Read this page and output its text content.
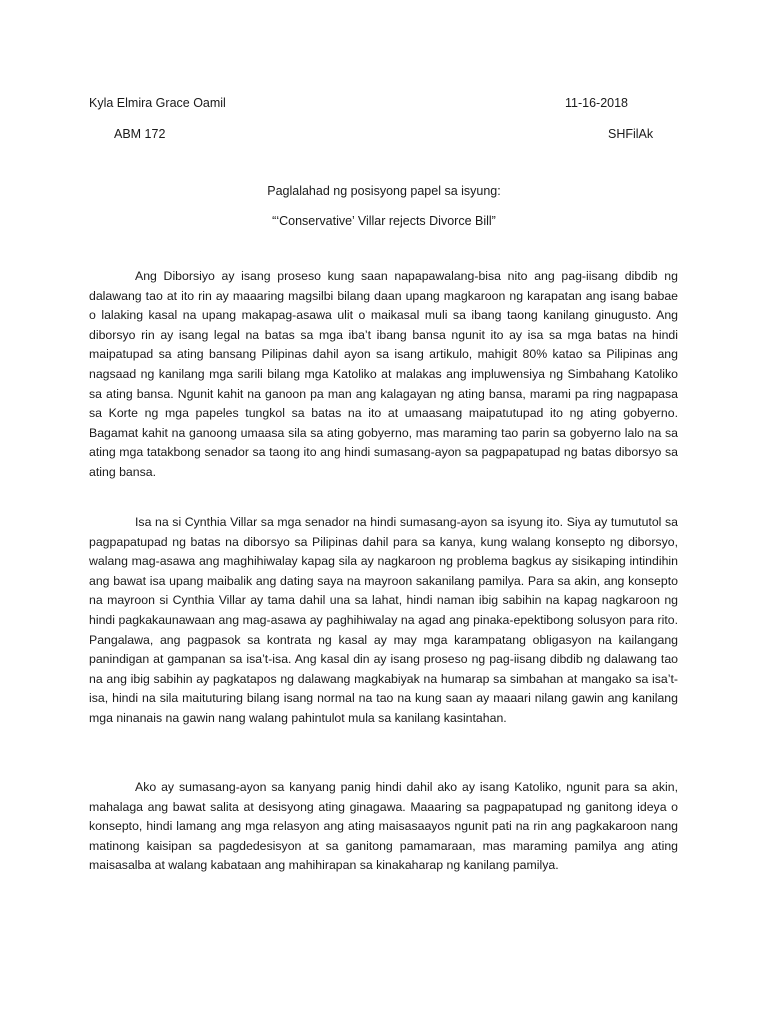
Kyla Elmira Grace Oamil	11-16-2018
ABM 172	SHFilAk
Paglalahad ng posisyong papel sa isyung:
“‘Conservative’ Villar rejects Divorce Bill”

Ang Diborsiyo ay isang proseso kung saan napapawalang-bisa nito ang pag-iisang dibdib ng dalawang tao at ito rin ay maaaring magsilbi bilang daan upang magkaroon ng karapatan ang isang babae o lalaking kasal na upang makapag-asawa ulit o maikasal muli sa ibang taong kanilang ginugusto. Ang diborsyo rin ay isang legal na batas sa mga iba’t ibang bansa ngunit ito ay isa sa mga batas na hindi maipatupad sa ating bansang Pilipinas dahil ayon sa isang artikulo, mahigit 80% katao sa Pilipinas ang nagsaad ng kanilang mga sarili bilang mga Katoliko at malakas ang impluwensiya ng Simbahang Katoliko sa ating bansa. Ngunit kahit na ganoon pa man ang kalagayan ng ating bansa, marami pa ring nagpapasa sa Korte ng mga papeles tungkol sa batas na ito at umaasang maipatutupad ito ng ating gobyerno. Bagamat kahit na ganoong umaasa sila sa ating gobyerno, mas maraming tao parin sa gobyerno lalo na sa ating mga tatakbong senador sa taong ito ang hindi sumasang-ayon sa pagpapatupad ng batas diborsyo sa ating bansa.

Isa na si Cynthia Villar sa mga senador na hindi sumasang-ayon sa isyung ito. Siya ay tumututol sa pagpapatupad ng batas na diborsyo sa Pilipinas dahil para sa kanya, kung walang konsepto ng diborsyo, walang mag-asawa ang maghihiwalay kapag sila ay nagkaroon ng problema bagkus ay sisikaping intindihin ang bawat isa upang maibalik ang dating saya na mayroon sakanilang pamilya. Para sa akin, ang konsepto na mayroon si Cynthia Villar ay tama dahil una sa lahat, hindi naman ibig sabihin na kapag nagkaroon ng hindi pagkakaunawaan ang mag-asawa ay paghihiwalay na agad ang pinaka-epektibong solusyon para rito. Pangalawa, ang pagpasok sa kontrata ng kasal ay may mga karampatang obligasyon na kailangang panindigan at gampanan sa isa’t-isa. Ang kasal din ay isang proseso ng pag-iisang dibdib ng dalawang tao na ang ibig sabihin ay pagkatapos ng dalawang magkabiyak na humarap sa simbahan at mangako sa isa’t-isa, hindi na sila maituturing bilang isang normal na tao na kung saan ay maaari nilang gawin ang kanilang mga ninanais na gawin nang walang pahintulot mula sa kanilang kasintahan.

Ako ay sumasang-ayon sa kanyang panig hindi dahil ako ay isang Katoliko, ngunit para sa akin, mahalaga ang bawat salita at desisyong ating ginagawa. Maaaring sa pagpapatupad ng ganitong ideya o konsepto, hindi lamang ang mga relasyon ang ating maisasaayos ngunit pati na rin ang pagkakaroon nang matinong kaisipan sa pagdedesisyon at sa ganitong pamamaraan, mas maraming pamilya ang ating maisasalba at walang kabataan ang mahihirapan sa kinakaharap ng kanilang pamilya.
